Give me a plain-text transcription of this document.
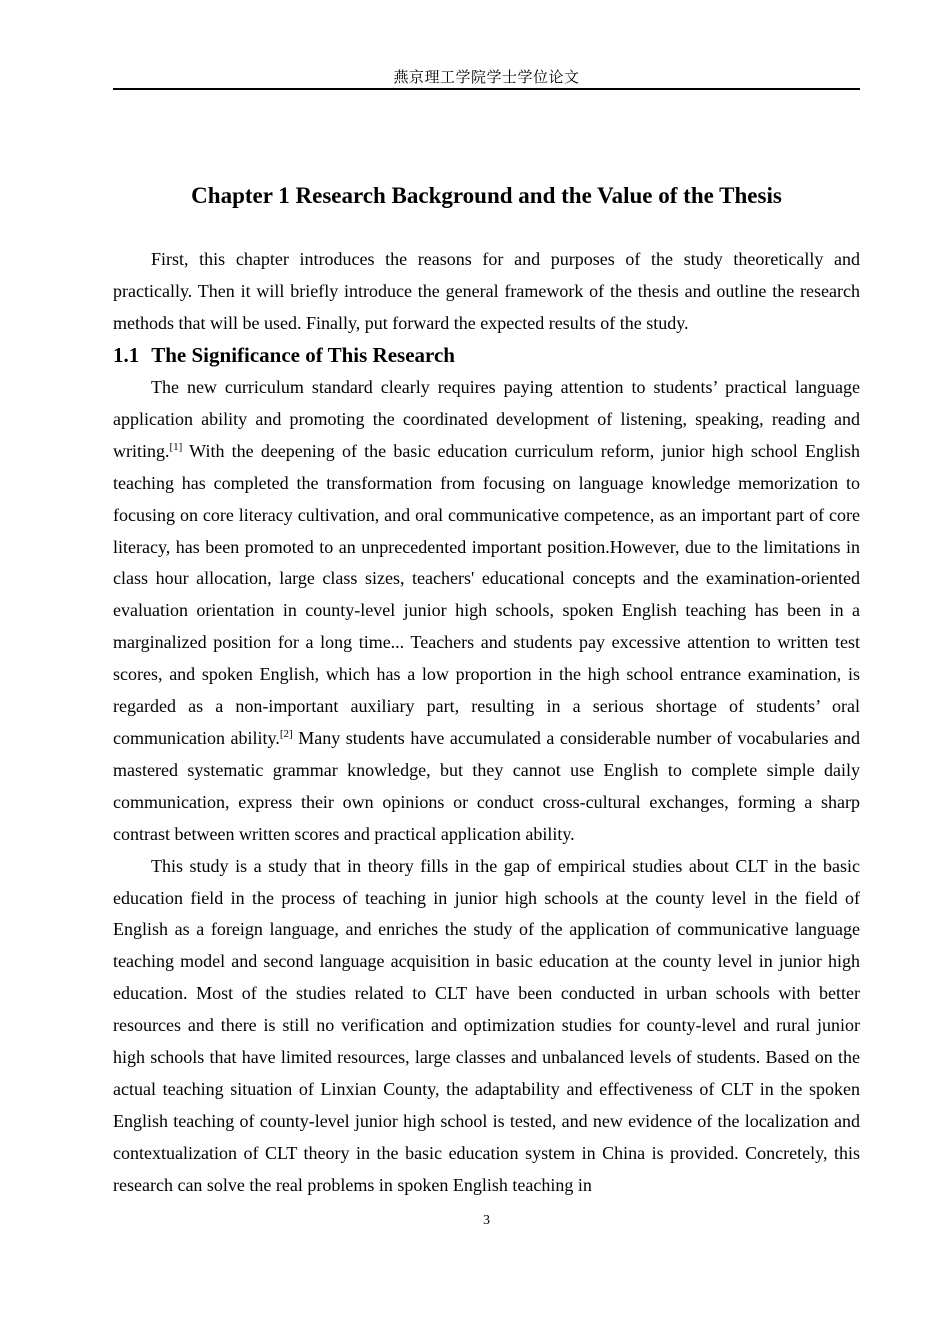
燕京理工学院学士学位论文
Chapter 1 Research Background and the Value of the Thesis

First, this chapter introduces the reasons for and purposes of the study theoretically and practically. Then it will briefly introduce the general framework of the thesis and outline the research methods that will be used. Finally, put forward the expected results of the study.

1.1 The Significance of This Research

The new curriculum standard clearly requires paying attention to students’ practical language application ability and promoting the coordinated development of listening, speaking, reading and writing.[1] With the deepening of the basic education curriculum reform, junior high school English teaching has completed the transformation from focusing on language knowledge memorization to focusing on core literacy cultivation, and oral communicative competence, as an important part of core literacy, has been promoted to an unprecedented important position.However, due to the limitations in class hour allocation, large class sizes, teachers' educational concepts and the examination-oriented evaluation orientation in county-level junior high schools, spoken English teaching has been in a marginalized position for a long time... Teachers and students pay excessive attention to written test scores, and spoken English, which has a low proportion in the high school entrance examination, is regarded as a non-important auxiliary part, resulting in a serious shortage of students’ oral communication ability.[2] Many students have accumulated a considerable number of vocabularies and mastered systematic grammar knowledge, but they cannot use English to complete simple daily communication, express their own opinions or conduct cross-cultural exchanges, forming a sharp contrast between written scores and practical application ability.

This study is a study that in theory fills in the gap of empirical studies about CLT in the basic education field in the process of teaching in junior high schools at the county level in the field of English as a foreign language, and enriches the study of the application of communicative language teaching model and second language acquisition in basic education at the county level in junior high education. Most of the studies related to CLT have been conducted in urban schools with better resources and there is still no verification and optimization studies for county-level and rural junior high schools that have limited resources, large classes and unbalanced levels of students. Based on the actual teaching situation of Linxian County, the adaptability and effectiveness of CLT in the spoken English teaching of county-level junior high school is tested, and new evidence of the localization and contextualization of CLT theory in the basic education system in China is provided. Concretely, this research can solve the real problems in spoken English teaching in

3
